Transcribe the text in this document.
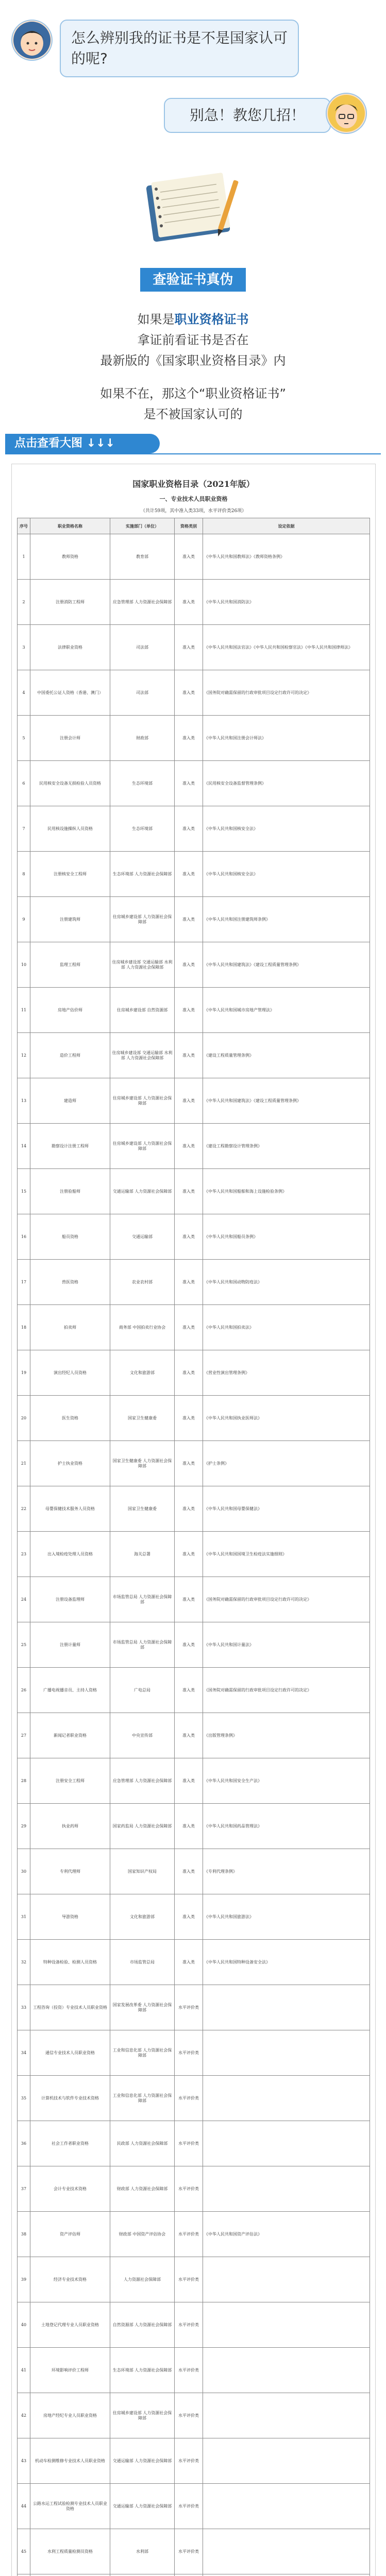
怎么辨别我的证书是不是国家认可的呢?
别急！教您几招！
查验证书真伪
如果是职业资格证书
拿证前看证书是否在
最新版的《国家职业资格目录》内
如果不在，那这个“职业资格证书”
是不被国家认可的
点击查看大图 ↓↓↓
国家职业资格目录（2021年版）
一、专业技术人员职业资格
（共计59项，其中准入类33项，水平评价类26项）
序号	职业资格名称	实施部门（单位）	资格类别	设定依据
1	教师资格	教育部	准入类	《中华人民共和国教师法》《教师资格条例》
2	注册消防工程师	应急管理部 人力资源社会保障部	准入类	《中华人民共和国消防法》
3	法律职业资格	司法部	准入类	《中华人民共和国法官法》《中华人民共和国检察官法》《中华人民共和国律师法》
4	中国委托公证人资格（香港、澳门）	司法部	准入类	《国务院对确需保留的行政审批项目设定行政许可的决定》
5	注册会计师	财政部	准入类	《中华人民共和国注册会计师法》
6	民用核安全设备无损检验人员资格	生态环境部	准入类	《民用核安全设备监督管理条例》
7	民用核设施操纵人员资格	生态环境部	准入类	《中华人民共和国核安全法》
8	注册核安全工程师	生态环境部 人力资源社会保障部	准入类	《中华人民共和国核安全法》
9	注册建筑师	住房城乡建设部 人力资源社会保障部	准入类	《中华人民共和国注册建筑师条例》
10	监理工程师	住房城乡建设部 交通运输部 水利部 人力资源社会保障部	准入类	《中华人民共和国建筑法》《建设工程质量管理条例》
11	房地产估价师	住房城乡建设部 自然资源部	准入类	《中华人民共和国城市房地产管理法》
12	造价工程师	住房城乡建设部 交通运输部 水利部 人力资源社会保障部	准入类	《建设工程质量管理条例》
13	建造师	住房城乡建设部 人力资源社会保障部	准入类	《中华人民共和国建筑法》《建设工程质量管理条例》
14	勘察设计注册工程师	住房城乡建设部 人力资源社会保障部	准入类	《建设工程勘察设计管理条例》
15	注册验船师	交通运输部 人力资源社会保障部	准入类	《中华人民共和国船舶和海上设施检验条例》
16	船员资格	交通运输部	准入类	《中华人民共和国船员条例》
17	兽医资格	农业农村部	准入类	《中华人民共和国动物防疫法》
18	拍卖师	商务部 中国拍卖行业协会	准入类	《中华人民共和国拍卖法》
19	演出经纪人员资格	文化和旅游部	准入类	《营业性演出管理条例》
20	医生资格	国家卫生健康委	准入类	《中华人民共和国执业医师法》
21	护士执业资格	国家卫生健康委 人力资源社会保障部	准入类	《护士条例》
22	母婴保健技术服务人员资格	国家卫生健康委	准入类	《中华人民共和国母婴保健法》
23	出入境检疫处理人员资格	海关总署	准入类	《中华人民共和国国境卫生检疫法实施细则》
24	注册设备监理师	市场监管总局 人力资源社会保障部	准入类	《国务院对确需保留的行政审批项目设定行政许可的决定》
25	注册计量师	市场监管总局 人力资源社会保障部	准入类	《中华人民共和国计量法》
26	广播电视播音员、主持人资格	广电总局	准入类	《国务院对确需保留的行政审批项目设定行政许可的决定》
27	新闻记者职业资格	中央宣传部	准入类	《出版管理条例》
28	注册安全工程师	应急管理部 人力资源社会保障部	准入类	《中华人民共和国安全生产法》
29	执业药师	国家药监局 人力资源社会保障部	准入类	《中华人民共和国药品管理法》
30	专利代理师	国家知识产权局	准入类	《专利代理条例》
31	导游资格	文化和旅游部	准入类	《中华人民共和国旅游法》
32	特种设备检验、检测人员资格	市场监管总局	准入类	《中华人民共和国特种设备安全法》
33	工程咨询（投资）专业技术人员职业资格	国家发展改革委 人力资源社会保障部	水平评价类	
34	通信专业技术人员职业资格	工业和信息化部 人力资源社会保障部	水平评价类	
35	计算机技术与软件专业技术资格	工业和信息化部 人力资源社会保障部	水平评价类	
36	社会工作者职业资格	民政部 人力资源社会保障部	水平评价类	
37	会计专业技术资格	财政部 人力资源社会保障部	水平评价类	
38	资产评估师	财政部 中国资产评估协会	水平评价类	《中华人民共和国资产评估法》
39	经济专业技术资格	人力资源社会保障部	水平评价类	
40	土地登记代理专业人员职业资格	自然资源部 人力资源社会保障部	水平评价类	
41	环境影响评价工程师	生态环境部 人力资源社会保障部	水平评价类	
42	房地产经纪专业人员职业资格	住房城乡建设部 人力资源社会保障部	水平评价类	
43	机动车检测维修专业技术人员职业资格	交通运输部 人力资源社会保障部	水平评价类	
44	公路水运工程试验检测专业技术人员职业资格	交通运输部 人力资源社会保障部	水平评价类	
45	水利工程质量检测员资格	水利部	水平评价类	
